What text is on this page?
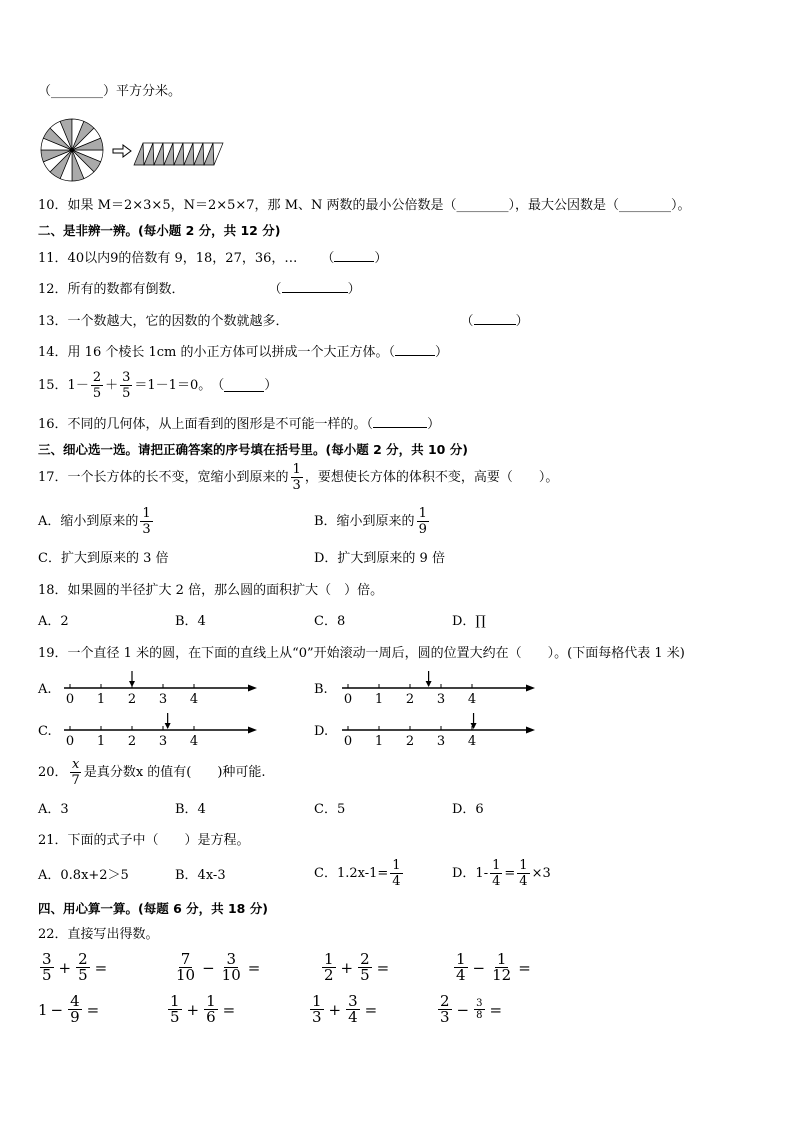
（________）平方分米。
10．如果 M＝2×3×5，N＝2×5×7，那 M、N 两数的最小公倍数是（________），最大公因数是（________）。
二、是非辨一辨。(每小题 2 分，共 12 分)
11．40以内9的倍数有 9，18，27，36，… （	）
12．所有的数都有倒数．	（	）
13．一个数越大，它的因数的个数就越多．	（	）
14．用 16 个棱长 1cm 的小正方体可以拼成一个大正方体。（	）
15．$1- \frac{2}{5} + \frac{3}{5} =1-1=0$。 （	）
16．不同的几何体，从上面看到的图形是不可能一样的。（	）
三、细心选一选。请把正确答案的序号填在括号里。(每小题 2 分，共 10 分)
17．一个长方体的长不变，宽缩小到原来的 $\frac{1}{3}$ ，要想使长方体的体积不变，高要（　　）。
A．缩小到原来的 $\frac{1}{3}$	B．缩小到原来的 $\frac{1}{9}$
C．扩大到原来的 3 倍	D．扩大到原来的 9 倍
18．如果圆的半径扩大 2 倍，那么圆的面积扩大（　）倍。
A．2	B．4	C．8	D．∏
19．一个直径 1 米的圆，在下面的直线上从“0”开始滚动一周后，圆的位置大约在（　　）。(下面每格代表 1 米)
A.
0 1 2 3 4
B.
0 1 2 3 4
C.
0 1 2 3 4
D.
0 1 2 3 4
20． $\frac{x}{7}$ 是真分数x 的值有(　　)种可能.
A．3	B．4	C．5	D．6
21．下面的式子中（　　）是方程。
A．0.8x+2＞5	B．4x-3	C．$1.2x-1= \frac{1}{4}$	D．$1- \frac{1}{4} = \frac{1}{4} \times 3$
四、用心算一算。(每题 6 分，共 18 分)
22．直接写出得数。
$\frac{3}{5} + \frac{2}{5}$ =	$\frac{7}{10} - \frac{3}{10}$ =	$\frac{1}{2} + \frac{2}{5}$ =	$\frac{1}{4} - \frac{1}{12}$ =
$1 - \frac{4}{9}$ =	$\frac{1}{5} + \frac{1}{6}$ =	$\frac{1}{3} + \frac{3}{4}$ =	$\frac{2}{3} - \frac{3}{8}$ =
